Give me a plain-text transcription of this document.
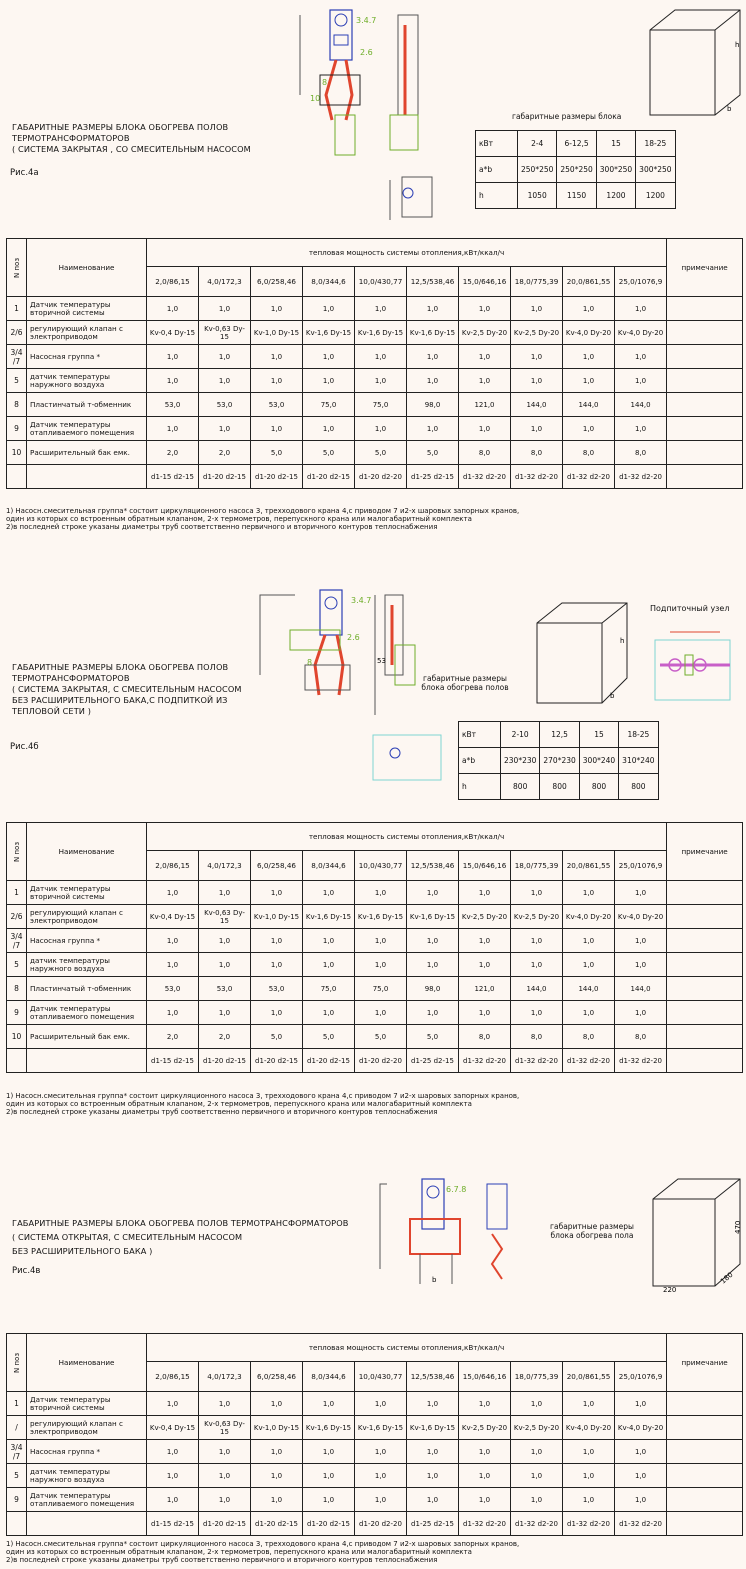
ГАБАРИТНЫЕ РАЗМЕРЫ БЛОКА ОБОГРЕВА ПОЛОВ
ТЕРМОТРАНСФОРМАТОРОВ
( СИСТЕМА ЗАКРЫТАЯ , СО СМЕСИТЕЛЬНЫМ НАСОСОМ
Рис.4а
3.4.7
2.6
8
10
b
h
габаритные размеры блока
кВт	2-4	6-12,5	15	18-25
a*b	250*250	250*250	300*250	300*250
h	1050	1150	1200	1200
N поз	Наименование	тепловая мощность системы отопления,кВт/ккал/ч										примечание
		2,0/86,15	4,0/172,3	6,0/258,46	8,0/344,6	10,0/430,77	12,5/538,46	15,0/646,16	18,0/775,39	20,0/861,55	25,0/1076,9	
1	Датчик температуры вторичной системы	1,0	1,0	1,0	1,0	1,0	1,0	1,0	1,0	1,0	1,0	
2/6	регулирующий клапан с электроприводом	Kv-0,4 Dy-15	Kv-0,63 Dy-15	Kv-1,0 Dy-15	Kv-1,6 Dy-15	Kv-1,6 Dy-15	Kv-1,6 Dy-15	Kv-2,5 Dy-20	Kv-2,5 Dy-20	Kv-4,0 Dy-20	Kv-4,0 Dy-20	
3/4 /7	Насосная группа *	1,0	1,0	1,0	1,0	1,0	1,0	1,0	1,0	1,0	1,0	
5	датчик температуры наружного воздуха	1,0	1,0	1,0	1,0	1,0	1,0	1,0	1,0	1,0	1,0	
8	Пластинчатый т-обменник	53,0	53,0	53,0	75,0	75,0	98,0	121,0	144,0	144,0	144,0	
9	Датчик температуры отапливаемого помещения	1,0	1,0	1,0	1,0	1,0	1,0	1,0	1,0	1,0	1,0	
10	Расширительный бак емк.	2,0	2,0	5,0	5,0	5,0	5,0	8,0	8,0	8,0	8,0	
		d1-15 d2-15	d1-20 d2-15	d1-20 d2-15	d1-20 d2-15	d1-20 d2-20	d1-25 d2-15	d1-32 d2-20	d1-32 d2-20	d1-32 d2-20	d1-32 d2-20	
1) Насосн.смесительная группа* состоит циркуляционного насоса 3, трехходового крана 4,с приводом 7 и2-х шаровых запорных кранов,
один из которых со встроенным обратным клапаном, 2-х термометров, перепускного крана или малогабаритный комплекта
2)в последней строке указаны диаметры труб соответственно первичного и вторичного контуров теплоснабжения
ГАБАРИТНЫЕ РАЗМЕРЫ БЛОКА ОБОГРЕВА ПОЛОВ
ТЕРМОТРАНСФОРМАТОРОВ
( СИСТЕМА ЗАКРЫТАЯ, С СМЕСИТЕЛЬНЫМ НАСОСОМ
БЕЗ РАСШИРИТЕЛЬНОГО БАКА,С ПОДПИТКОЙ ИЗ
ТЕПЛОВОЙ СЕТИ )
Рис.4б
3.4.7
2.6
8	53
h
b
Подпиточный узел
габаритные размеры блока обогрева полов
кВт	2-10	12,5	15	18-25
a*b	230*230	270*230	300*240	310*240
h	800	800	800	800
N поз	Наименование	тепловая мощность системы отопления,кВт/ккал/ч										примечание
		2,0/86,15	4,0/172,3	6,0/258,46	8,0/344,6	10,0/430,77	12,5/538,46	15,0/646,16	18,0/775,39	20,0/861,55	25,0/1076,9	
1	Датчик температуры вторичной системы	1,0	1,0	1,0	1,0	1,0	1,0	1,0	1,0	1,0	1,0	
2/6	регулирующий клапан с электроприводом	Kv-0,4 Dy-15	Kv-0,63 Dy-15	Kv-1,0 Dy-15	Kv-1,6 Dy-15	Kv-1,6 Dy-15	Kv-1,6 Dy-15	Kv-2,5 Dy-20	Kv-2,5 Dy-20	Kv-4,0 Dy-20	Kv-4,0 Dy-20	
3/4 /7	Насосная группа *	1,0	1,0	1,0	1,0	1,0	1,0	1,0	1,0	1,0	1,0	
5	датчик температуры наружного воздуха	1,0	1,0	1,0	1,0	1,0	1,0	1,0	1,0	1,0	1,0	
8	Пластинчатый т-обменник	53,0	53,0	53,0	75,0	75,0	98,0	121,0	144,0	144,0	144,0	
9	Датчик температуры отапливаемого помещения	1,0	1,0	1,0	1,0	1,0	1,0	1,0	1,0	1,0	1,0	
10	Расширительный бак емк.	2,0	2,0	5,0	5,0	5,0	5,0	8,0	8,0	8,0	8,0	
		d1-15 d2-15	d1-20 d2-15	d1-20 d2-15	d1-20 d2-15	d1-20 d2-20	d1-25 d2-15	d1-32 d2-20	d1-32 d2-20	d1-32 d2-20	d1-32 d2-20	
1) Насосн.смесительная группа* состоит циркуляционного насоса 3, трехходового крана 4,с приводом 7 и2-х шаровых запорных кранов,
один из которых со встроенным обратным клапаном, 2-х термометров, перепускного крана или малогабаритный комплекта
2)в последней строке указаны диаметры труб соответственно первичного и вторичного контуров теплоснабжения
ГАБАРИТНЫЕ РАЗМЕРЫ БЛОКА ОБОГРЕВА ПОЛОВ ТЕРМОТРАНСФОРМАТОРОВ
( СИСТЕМА ОТКРЫТАЯ, С СМЕСИТЕЛЬНЫМ НАСОСОМ
БЕЗ РАСШИРИТЕЛЬНОГО БАКА )
Рис.4в
b
6.7.8
габаритные размеры блока обогрева пола
470
220
180
N поз	Наименование	тепловая мощность системы отопления,кВт/ккал/ч										примечание
		2,0/86,15	4,0/172,3	6,0/258,46	8,0/344,6	10,0/430,77	12,5/538,46	15,0/646,16	18,0/775,39	20,0/861,55	25,0/1076,9	
1	Датчик температуры вторичной системы	1,0	1,0	1,0	1,0	1,0	1,0	1,0	1,0	1,0	1,0	
/	регулирующий клапан с электроприводом	Kv-0,4 Dy-15	Kv-0,63 Dy-15	Kv-1,0 Dy-15	Kv-1,6 Dy-15	Kv-1,6 Dy-15	Kv-1,6 Dy-15	Kv-2,5 Dy-20	Kv-2,5 Dy-20	Kv-4,0 Dy-20	Kv-4,0 Dy-20	
3/4 /7	Насосная группа *	1,0	1,0	1,0	1,0	1,0	1,0	1,0	1,0	1,0	1,0	
5	датчик температуры наружного воздуха	1,0	1,0	1,0	1,0	1,0	1,0	1,0	1,0	1,0	1,0	
9	Датчик температуры отапливаемого помещения	1,0	1,0	1,0	1,0	1,0	1,0	1,0	1,0	1,0	1,0	
		d1-15 d2-15	d1-20 d2-15	d1-20 d2-15	d1-20 d2-15	d1-20 d2-20	d1-25 d2-15	d1-32 d2-20	d1-32 d2-20	d1-32 d2-20	d1-32 d2-20	
1) Насосн.смесительная группа* состоит циркуляционного насоса 3, трехходового крана 4,с приводом 7 и2-х шаровых запорных кранов,
один из которых со встроенным обратным клапаном, 2-х термометров, перепускного крана или малогабаритный комплекта
2)в последней строке указаны диаметры труб соответственно первичного и вторичного контуров теплоснабжения
